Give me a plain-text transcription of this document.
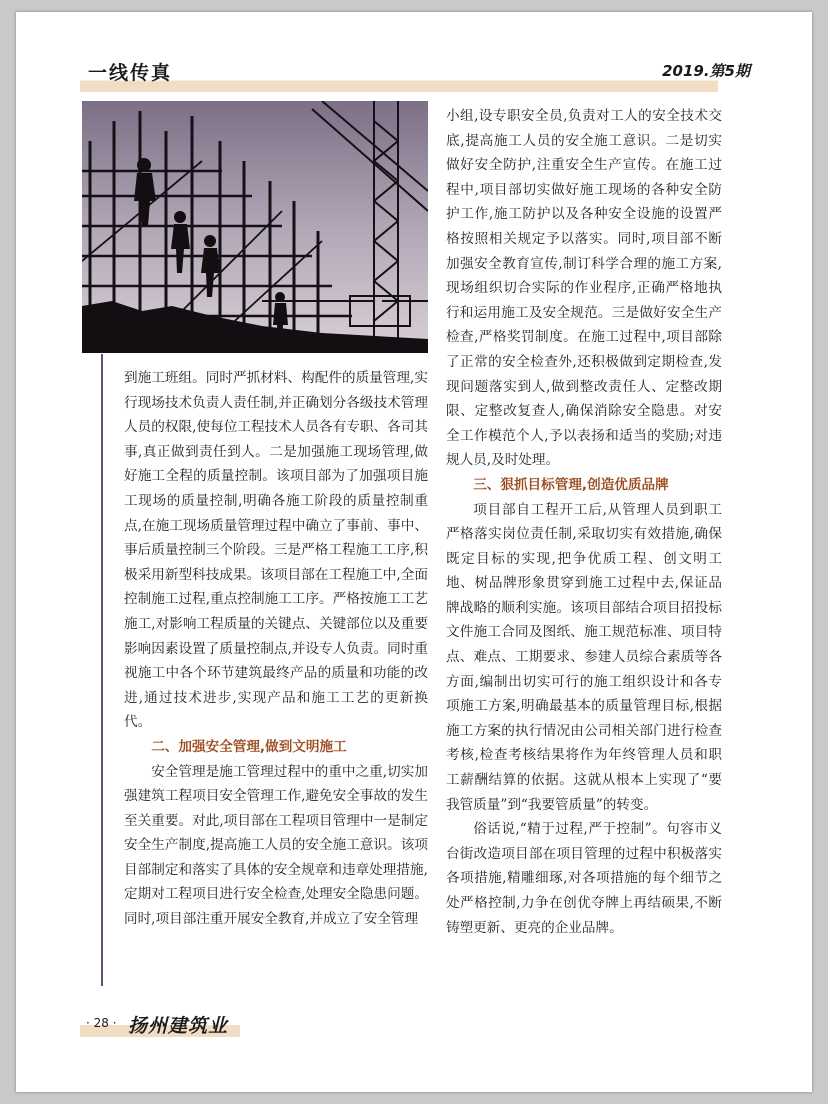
一线传真	2019.第5期

到施工班组。同时严抓材料、构配件的质量管理,实行现场技术负责人责任制,并正确划分各级技术管理人员的权限,使每位工程技术人员各有专职、各司其事,真正做到责任到人。二是加强施工现场管理,做好施工全程的质量控制。该项目部为了加强项目施工现场的质量控制,明确各施工阶段的质量控制重点,在施工现场质量管理过程中确立了事前、事中、事后质量控制三个阶段。三是严格工程施工工序,积极采用新型科技成果。该项目部在工程施工中,全面控制施工过程,重点控制施工工序。严格按施工工艺施工,对影响工程质量的关键点、关键部位以及重要影响因素设置了质量控制点,并设专人负责。同时重视施工中各个环节建筑最终产品的质量和功能的改进,通过技术进步,实现产品和施工工艺的更新换代。

二、加强安全管理,做到文明施工

安全管理是施工管理过程中的重中之重,切实加强建筑工程项目安全管理工作,避免安全事故的发生至关重要。对此,项目部在工程项目管理中一是制定安全生产制度,提高施工人员的安全施工意识。该项目部制定和落实了具体的安全规章和违章处理措施,定期对工程项目进行安全检查,处理安全隐患问题。同时,项目部注重开展安全教育,并成立了安全管理

小组,设专职安全员,负责对工人的安全技术交底,提高施工人员的安全施工意识。二是切实做好安全防护,注重安全生产宣传。在施工过程中,项目部切实做好施工现场的各种安全防护工作,施工防护以及各种安全设施的设置严格按照相关规定予以落实。同时,项目部不断加强安全教育宣传,制订科学合理的施工方案,现场组织切合实际的作业程序,正确严格地执行和运用施工及安全规范。三是做好安全生产检查,严格奖罚制度。在施工过程中,项目部除了正常的安全检查外,还积极做到定期检查,发现问题落实到人,做到整改责任人、定整改期限、定整改复查人,确保消除安全隐患。对安全工作模范个人,予以表扬和适当的奖励;对违规人员,及时处理。

三、狠抓目标管理,创造优质品牌

项目部自工程开工后,从管理人员到职工严格落实岗位责任制,采取切实有效措施,确保既定目标的实现,把争优质工程、创文明工地、树品牌形象贯穿到施工过程中去,保证品牌战略的顺利实施。该项目部结合项目招投标文件施工合同及图纸、施工规范标准、项目特点、难点、工期要求、参建人员综合素质等各方面,编制出切实可行的施工组织设计和各专项施工方案,明确最基本的质量管理目标,根据施工方案的执行情况由公司相关部门进行检查考核,检查考核结果将作为年终管理人员和职工薪酬结算的依据。这就从根本上实现了“要我管质量”到“我要管质量”的转变。

俗话说,“精于过程,严于控制”。句容市义台街改造项目部在项目管理的过程中积极落实各项措施,精雕细琢,对各项措施的每个细节之处严格控制,力争在创优夺牌上再结硕果,不断铸塑更新、更亮的企业品牌。

· 28 · 扬州建筑业
